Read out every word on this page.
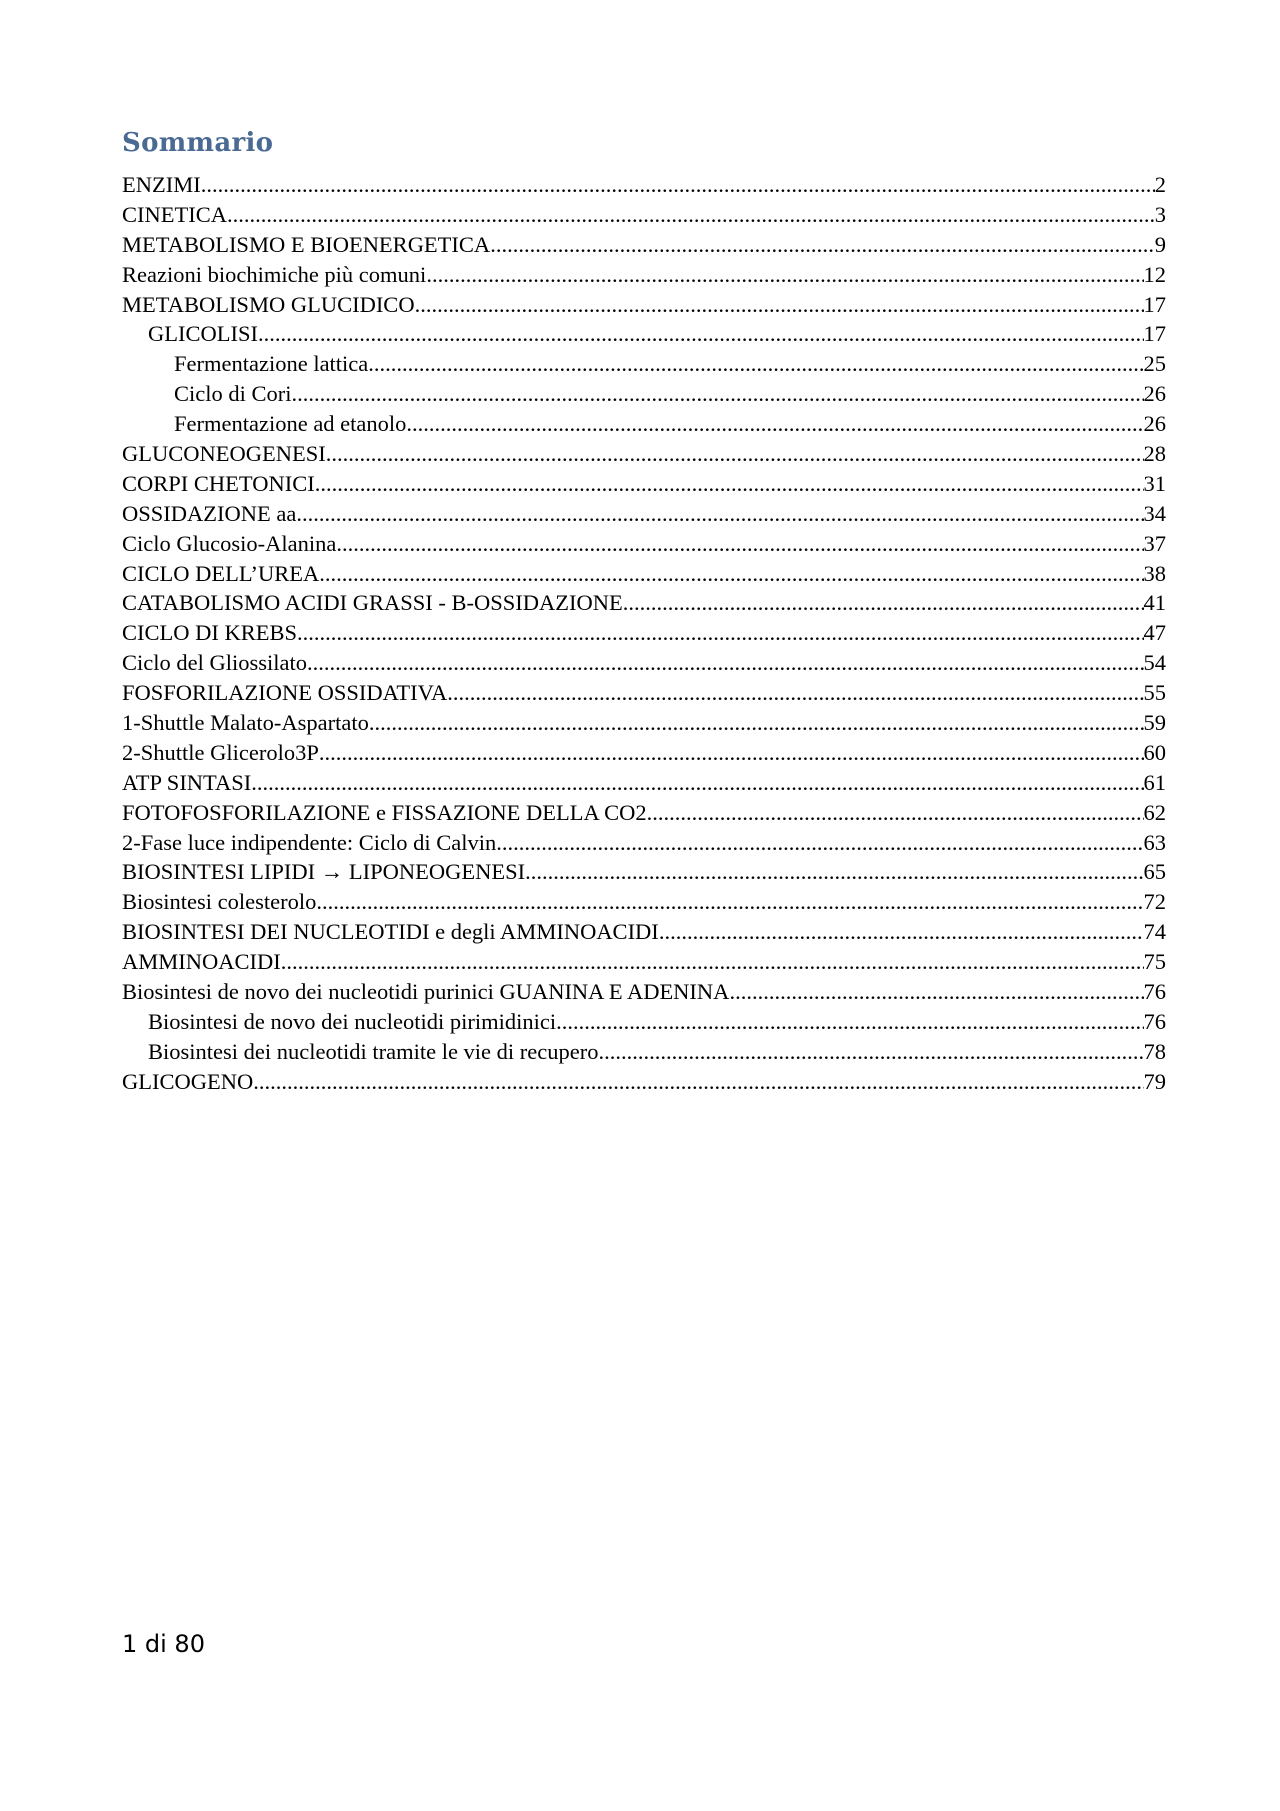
Sommario
ENZIMI .....	2
CINETICA .....	3
METABOLISMO E BIOENERGETICA .....	9
Reazioni biochimiche più comuni .....	12
METABOLISMO GLUCIDICO .....	17
GLICOLISI .....	17
Fermentazione lattica .....	25
Ciclo di Cori .....	26
Fermentazione ad etanolo .....	26
GLUCONEOGENESI .....	28
CORPI CHETONICI .....	31
OSSIDAZIONE aa .....	34
Ciclo Glucosio-Alanina .....	37
CICLO DELL’UREA .....	38
CATABOLISMO ACIDI GRASSI - B-OSSIDAZIONE .....	41
CICLO DI KREBS .....	47
Ciclo del Gliossilato .....	54
FOSFORILAZIONE OSSIDATIVA .....	55
1-Shuttle Malato-Aspartato .....	59
2-Shuttle Glicerolo3P .....	60
ATP SINTASI .....	61
FOTOFOSFORILAZIONE e FISSAZIONE DELLA CO2 .....	62
2-Fase luce indipendente: Ciclo di Calvin .....	63
BIOSINTESI LIPIDI → LIPONEOGENESI .....	65
Biosintesi colesterolo .....	72
BIOSINTESI DEI NUCLEOTIDI e degli AMMINOACIDI .....	74
AMMINOACIDI .....	75
Biosintesi de novo dei nucleotidi purinici GUANINA E ADENINA .....	76
Biosintesi de novo dei nucleotidi pirimidinici .....	76
Biosintesi dei nucleotidi tramite le vie di recupero .....	78
GLICOGENO .....	79
1 di 80
